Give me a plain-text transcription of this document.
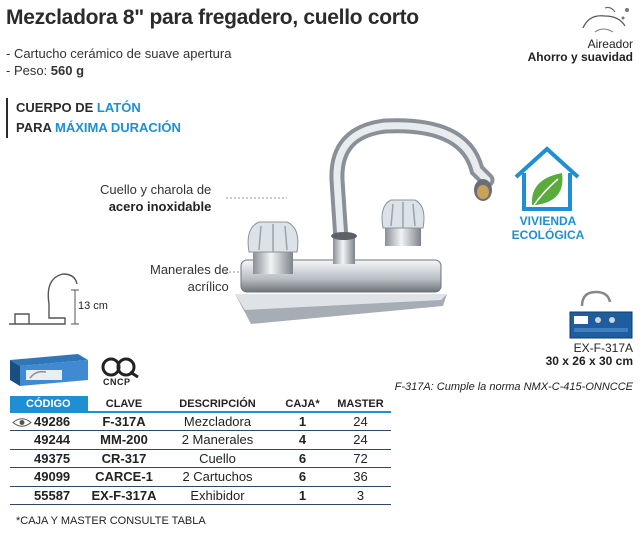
Mezcladora 8" para fregadero, cuello corto
- Cartucho cerámico de suave apertura
- Peso: 560 g
Aireador
Ahorro y suavidad
CUERPO DE LATÓN
PARA MÁXIMA DURACIÓN
Cuello y charola de
acero inoxidable
Manerales de
acrílico
VIVIENDA
ECOLÓGICA
13 cm
EX-F-317A
30 x 26 x 30 cm
CNCP	F-317A: Cumple la norma NMX-C-415-ONNCCE
CÓDIGO	CLAVE	DESCRIPCIÓN	CAJA*	MASTER

49286	F-317A	Mezcladora	1	24
49244	MM-200	2 Manerales	4	24
49375	CR-317	Cuello	6	72
49099	CARCE-1	2 Cartuchos	6	36
55587	EX-F-317A	Exhibidor	1	3
*CAJA Y MASTER CONSULTE TABLA
